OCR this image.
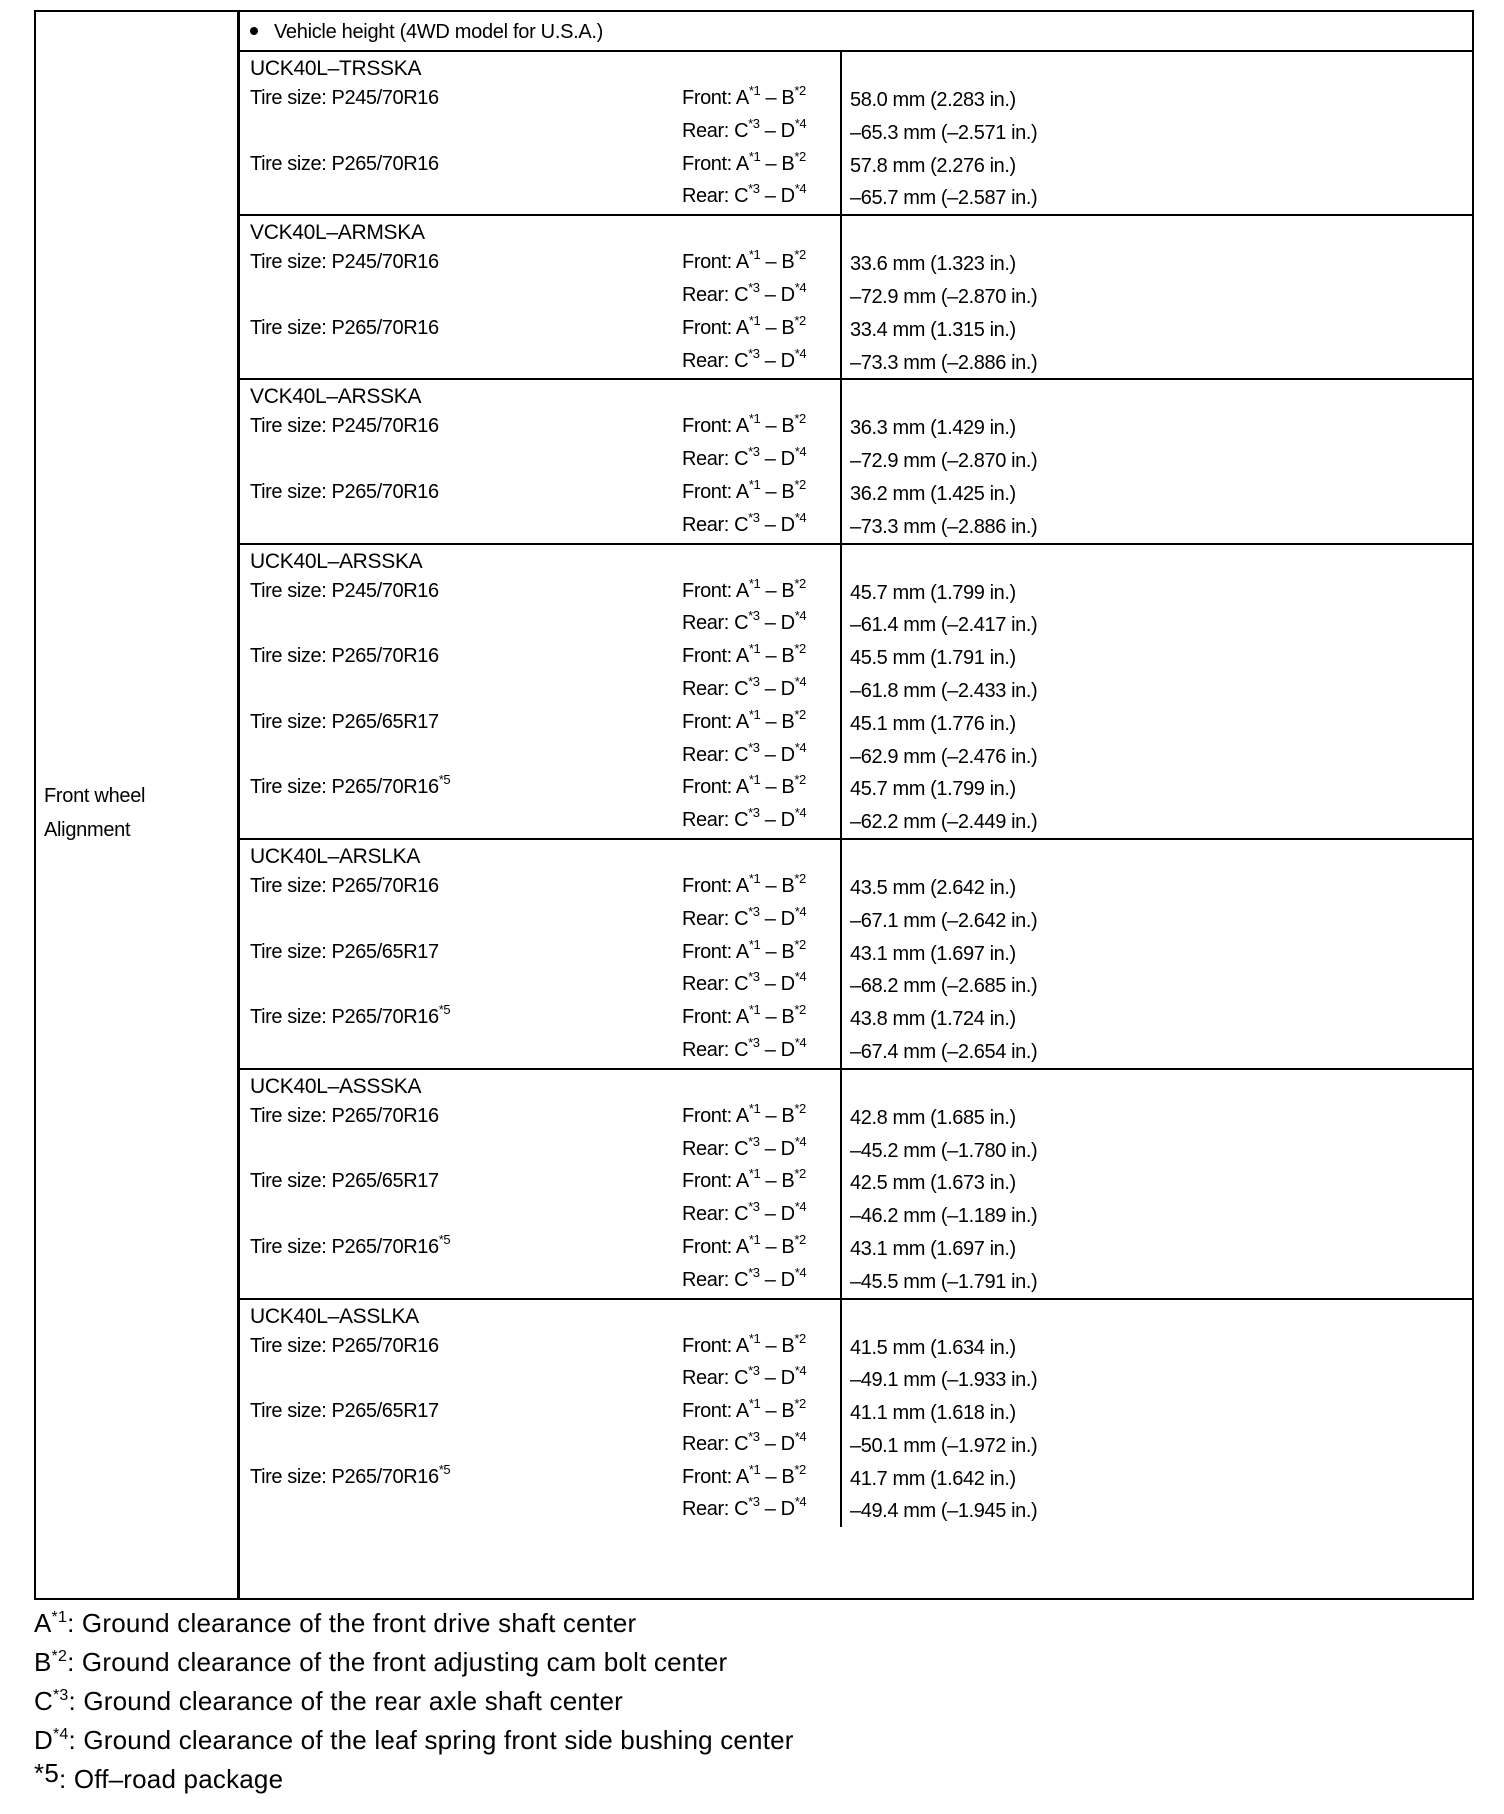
Front wheel
Alignment
Vehicle height (4WD model for U.S.A.)
UCK40L–TRSSKA
Tire size: P245/70R16	Front: $A^{*1} - B^{*2}$ 58.0 mm (2.283 in.)
Rear: $C^{*3} - D^{*4}$ –65.3 mm (–2.571 in.)
Tire size: P265/70R16	Front: $A^{*1} - B^{*2}$ 57.8 mm (2.276 in.)
Rear: $C^{*3} - D^{*4}$ –65.7 mm (–2.587 in.)
VCK40L–ARMSKA
Tire size: P245/70R16	Front: $A^{*1} - B^{*2}$ 33.6 mm (1.323 in.)
Rear: $C^{*3} - D^{*4}$ –72.9 mm (–2.870 in.)
Tire size: P265/70R16	Front: $A^{*1} - B^{*2}$ 33.4 mm (1.315 in.)
Rear: $C^{*3} - D^{*4}$ –73.3 mm (–2.886 in.)
VCK40L–ARSSKA
Tire size: P245/70R16	Front: $A^{*1} - B^{*2}$ 36.3 mm (1.429 in.)
Rear: $C^{*3} - D^{*4}$ –72.9 mm (–2.870 in.)
Tire size: P265/70R16	Front: $A^{*1} - B^{*2}$ 36.2 mm (1.425 in.)
Rear: $C^{*3} - D^{*4}$ –73.3 mm (–2.886 in.)
UCK40L–ARSSKA
Tire size: P245/70R16	Front: $A^{*1} - B^{*2}$ 45.7 mm (1.799 in.)
Rear: $C^{*3} - D^{*4}$ –61.4 mm (–2.417 in.)
Tire size: P265/70R16	Front: $A^{*1} - B^{*2}$ 45.5 mm (1.791 in.)
Rear: $C^{*3} - D^{*4}$ –61.8 mm (–2.433 in.)
Tire size: P265/65R17	Front: $A^{*1} - B^{*2}$ 45.1 mm (1.776 in.)
Rear: $C^{*3} - D^{*4}$ –62.9 mm (–2.476 in.)
Tire size: P265/70R16$^{*5}$	Front: $A^{*1} - B^{*2}$ 45.7 mm (1.799 in.)
Rear: $C^{*3} - D^{*4}$ –62.2 mm (–2.449 in.)
UCK40L–ARSLKA
Tire size: P265/70R16	Front: $A^{*1} - B^{*2}$ 43.5 mm (2.642 in.)
Rear: $C^{*3} - D^{*4}$ –67.1 mm (–2.642 in.)
Tire size: P265/65R17	Front: $A^{*1} - B^{*2}$ 43.1 mm (1.697 in.)
Rear: $C^{*3} - D^{*4}$ –68.2 mm (–2.685 in.)
Tire size: P265/70R16$^{*5}$	Front: $A^{*1} - B^{*2}$ 43.8 mm (1.724 in.)
Rear: $C^{*3} - D^{*4}$ –67.4 mm (–2.654 in.)
UCK40L–ASSSKA
Tire size: P265/70R16	Front: $A^{*1} - B^{*2}$ 42.8 mm (1.685 in.)
Rear: $C^{*3} - D^{*4}$ –45.2 mm (–1.780 in.)
Tire size: P265/65R17	Front: $A^{*1} - B^{*2}$ 42.5 mm (1.673 in.)
Rear: $C^{*3} - D^{*4}$ –46.2 mm (–1.189 in.)
Tire size: P265/70R16$^{*5}$	Front: $A^{*1} - B^{*2}$ 43.1 mm (1.697 in.)
Rear: $C^{*3} - D^{*4}$ –45.5 mm (–1.791 in.)
UCK40L–ASSLKA
Tire size: P265/70R16	Front: $A^{*1} - B^{*2}$ 41.5 mm (1.634 in.)
Rear: $C^{*3} - D^{*4}$ –49.1 mm (–1.933 in.)
Tire size: P265/65R17	Front: $A^{*1} - B^{*2}$ 41.1 mm (1.618 in.)
Rear: $C^{*3} - D^{*4}$ –50.1 mm (–1.972 in.)
Tire size: P265/70R16$^{*5}$	Front: $A^{*1} - B^{*2}$ 41.7 mm (1.642 in.)
Rear: $C^{*3} - D^{*4}$ –49.4 mm (–1.945 in.)
$A^{*1}$: Ground clearance of the front drive shaft center
$B^{*2}$: Ground clearance of the front adjusting cam bolt center
$C^{*3}$: Ground clearance of the rear axle shaft center
$D^{*4}$: Ground clearance of the leaf spring front side bushing center
$^{*5}$: Off–road package
